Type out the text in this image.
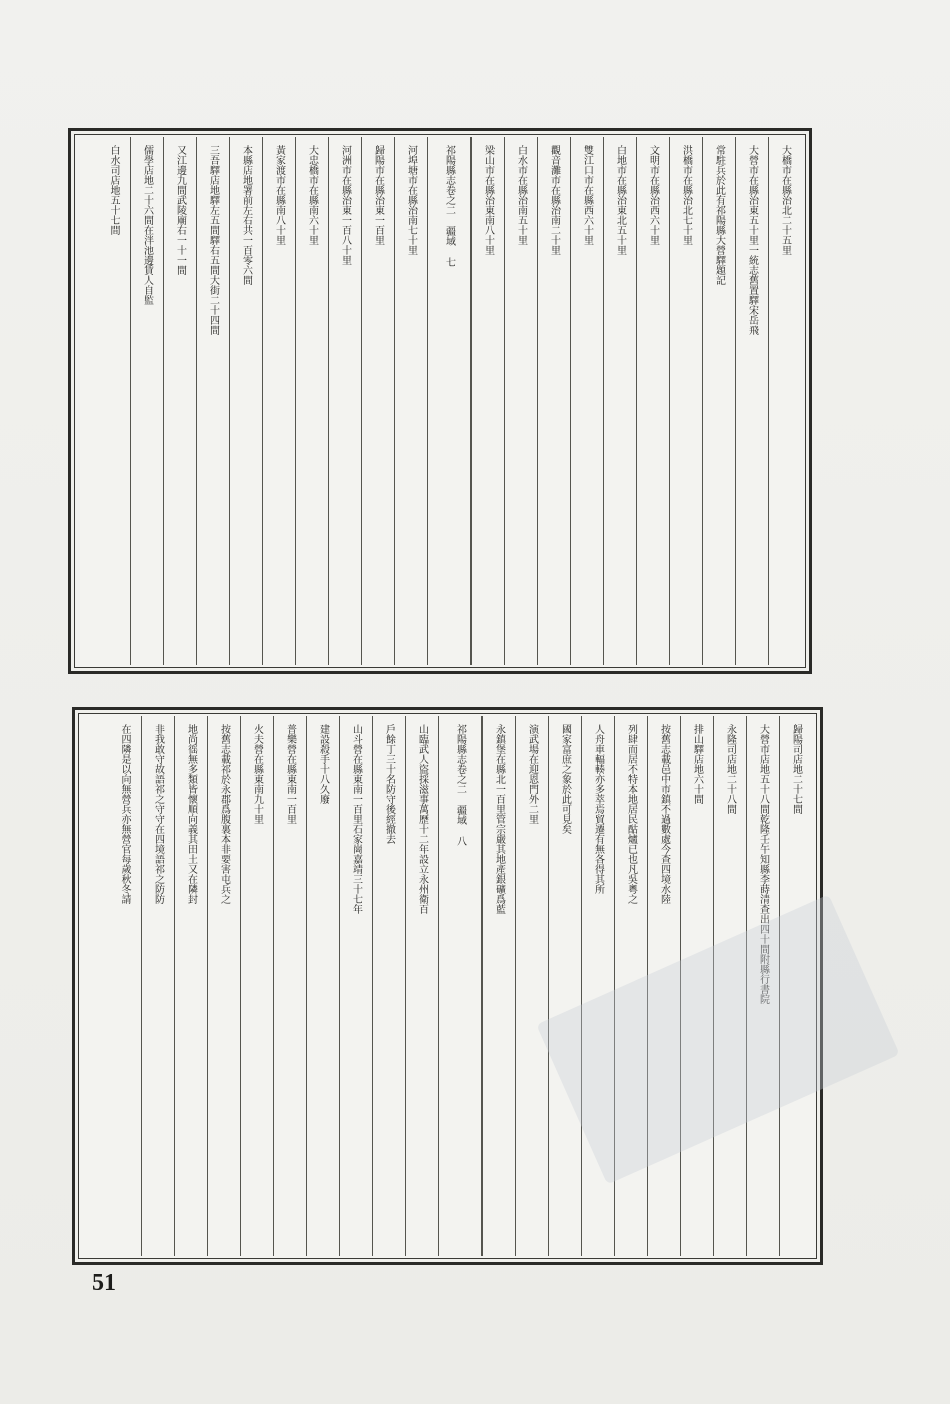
大橋市在縣治北二十五里
大營市在縣治東五十里一統志舊置驛宋岳飛
常駐兵於此有祁陽縣大營驛題記
洪橋市在縣治北七十里
文明市在縣治西六十里
白地市在縣治東北五十里
雙江口市在縣西六十里
觀音灘市在縣治南二十里
白水市在縣治南五十里
梁山市在縣治東南八十里
祁陽縣志卷之二 疆域 七
河埠塘市在縣治南七十里
歸陽市在縣治東一百里
河洲市在縣治東一百八十里
大忠橋市在縣南六十里
黃家渡市在縣南八十里
本縣店地署前左右共一百零六間
三吾驛店地驛左五間驛右五間大街二十四間
又江邊九間武陵廟右一十一間
儒學店地二十六間在泮池邊賃人自監
白水司店地五十七間
歸陽司店地二十七間
大營市店地五十八間乾隆壬午知縣李蒔清查出四十間附縣行書院
永隆司店地二十八間
排山驛店地六十間
按舊志載邑中市鎮不過數處今查四境水陸
列肆而居不特本地居民酤爐已也凡吳粵之
人舟車輻輳亦多萃焉貿遷有無各得其所
國家富庶之象於此可見矣
演武場在迎恩門外二里
永鎮堡在縣北一百里管宗嚴其地產銀礦爲藍
祁陽縣志卷之二 疆域 八
山臨武人盜採滋事萬歷十二年設立永州衛百
戶餘丁三十名防守後經撤去
山斗營在縣東南一百里石家崗嘉靖三十七年
建設殺手十八久廢
普樂營在縣東南一百里
火夫營在縣東南九十里
按舊志載祁於永郡爲腹裏本非要害屯兵之
地尚徭無多類皆懷順向義其田土又在隣封
非我敢守故語祁之守守在四境語祁之防防
在四隣是以向無營兵亦無營官每歲秋冬請
51
